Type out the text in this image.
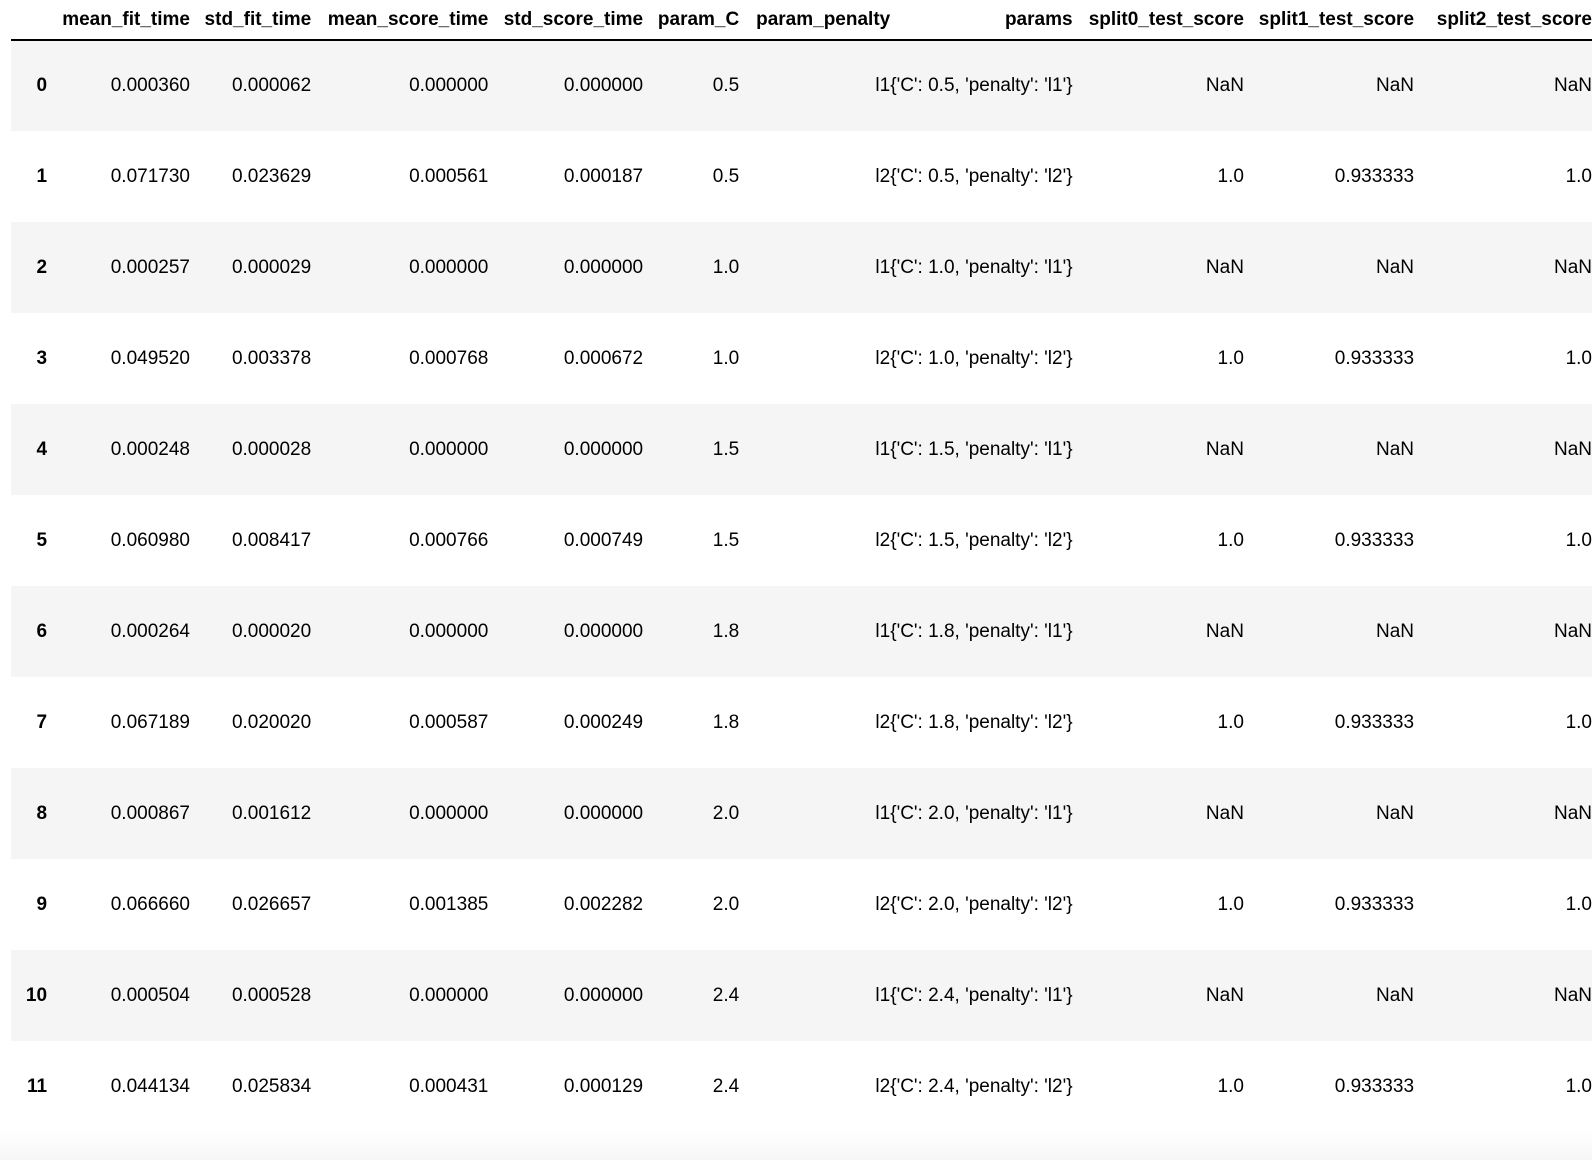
	mean_fit_time	std_fit_time	mean_score_time	std_score_time	param_C	param_penalty	params	split0_test_score	split1_test_score	split2_test_score
0	0.000360	0.000062	0.000000	0.000000	0.5	l1	{'C': 0.5, 'penalty': 'l1'}	NaN	NaN	NaN
1	0.071730	0.023629	0.000561	0.000187	0.5	l2	{'C': 0.5, 'penalty': 'l2'}	1.0	0.933333	1.0
2	0.000257	0.000029	0.000000	0.000000	1.0	l1	{'C': 1.0, 'penalty': 'l1'}	NaN	NaN	NaN
3	0.049520	0.003378	0.000768	0.000672	1.0	l2	{'C': 1.0, 'penalty': 'l2'}	1.0	0.933333	1.0
4	0.000248	0.000028	0.000000	0.000000	1.5	l1	{'C': 1.5, 'penalty': 'l1'}	NaN	NaN	NaN
5	0.060980	0.008417	0.000766	0.000749	1.5	l2	{'C': 1.5, 'penalty': 'l2'}	1.0	0.933333	1.0
6	0.000264	0.000020	0.000000	0.000000	1.8	l1	{'C': 1.8, 'penalty': 'l1'}	NaN	NaN	NaN
7	0.067189	0.020020	0.000587	0.000249	1.8	l2	{'C': 1.8, 'penalty': 'l2'}	1.0	0.933333	1.0
8	0.000867	0.001612	0.000000	0.000000	2.0	l1	{'C': 2.0, 'penalty': 'l1'}	NaN	NaN	NaN
9	0.066660	0.026657	0.001385	0.002282	2.0	l2	{'C': 2.0, 'penalty': 'l2'}	1.0	0.933333	1.0
10	0.000504	0.000528	0.000000	0.000000	2.4	l1	{'C': 2.4, 'penalty': 'l1'}	NaN	NaN	NaN
11	0.044134	0.025834	0.000431	0.000129	2.4	l2	{'C': 2.4, 'penalty': 'l2'}	1.0	0.933333	1.0
